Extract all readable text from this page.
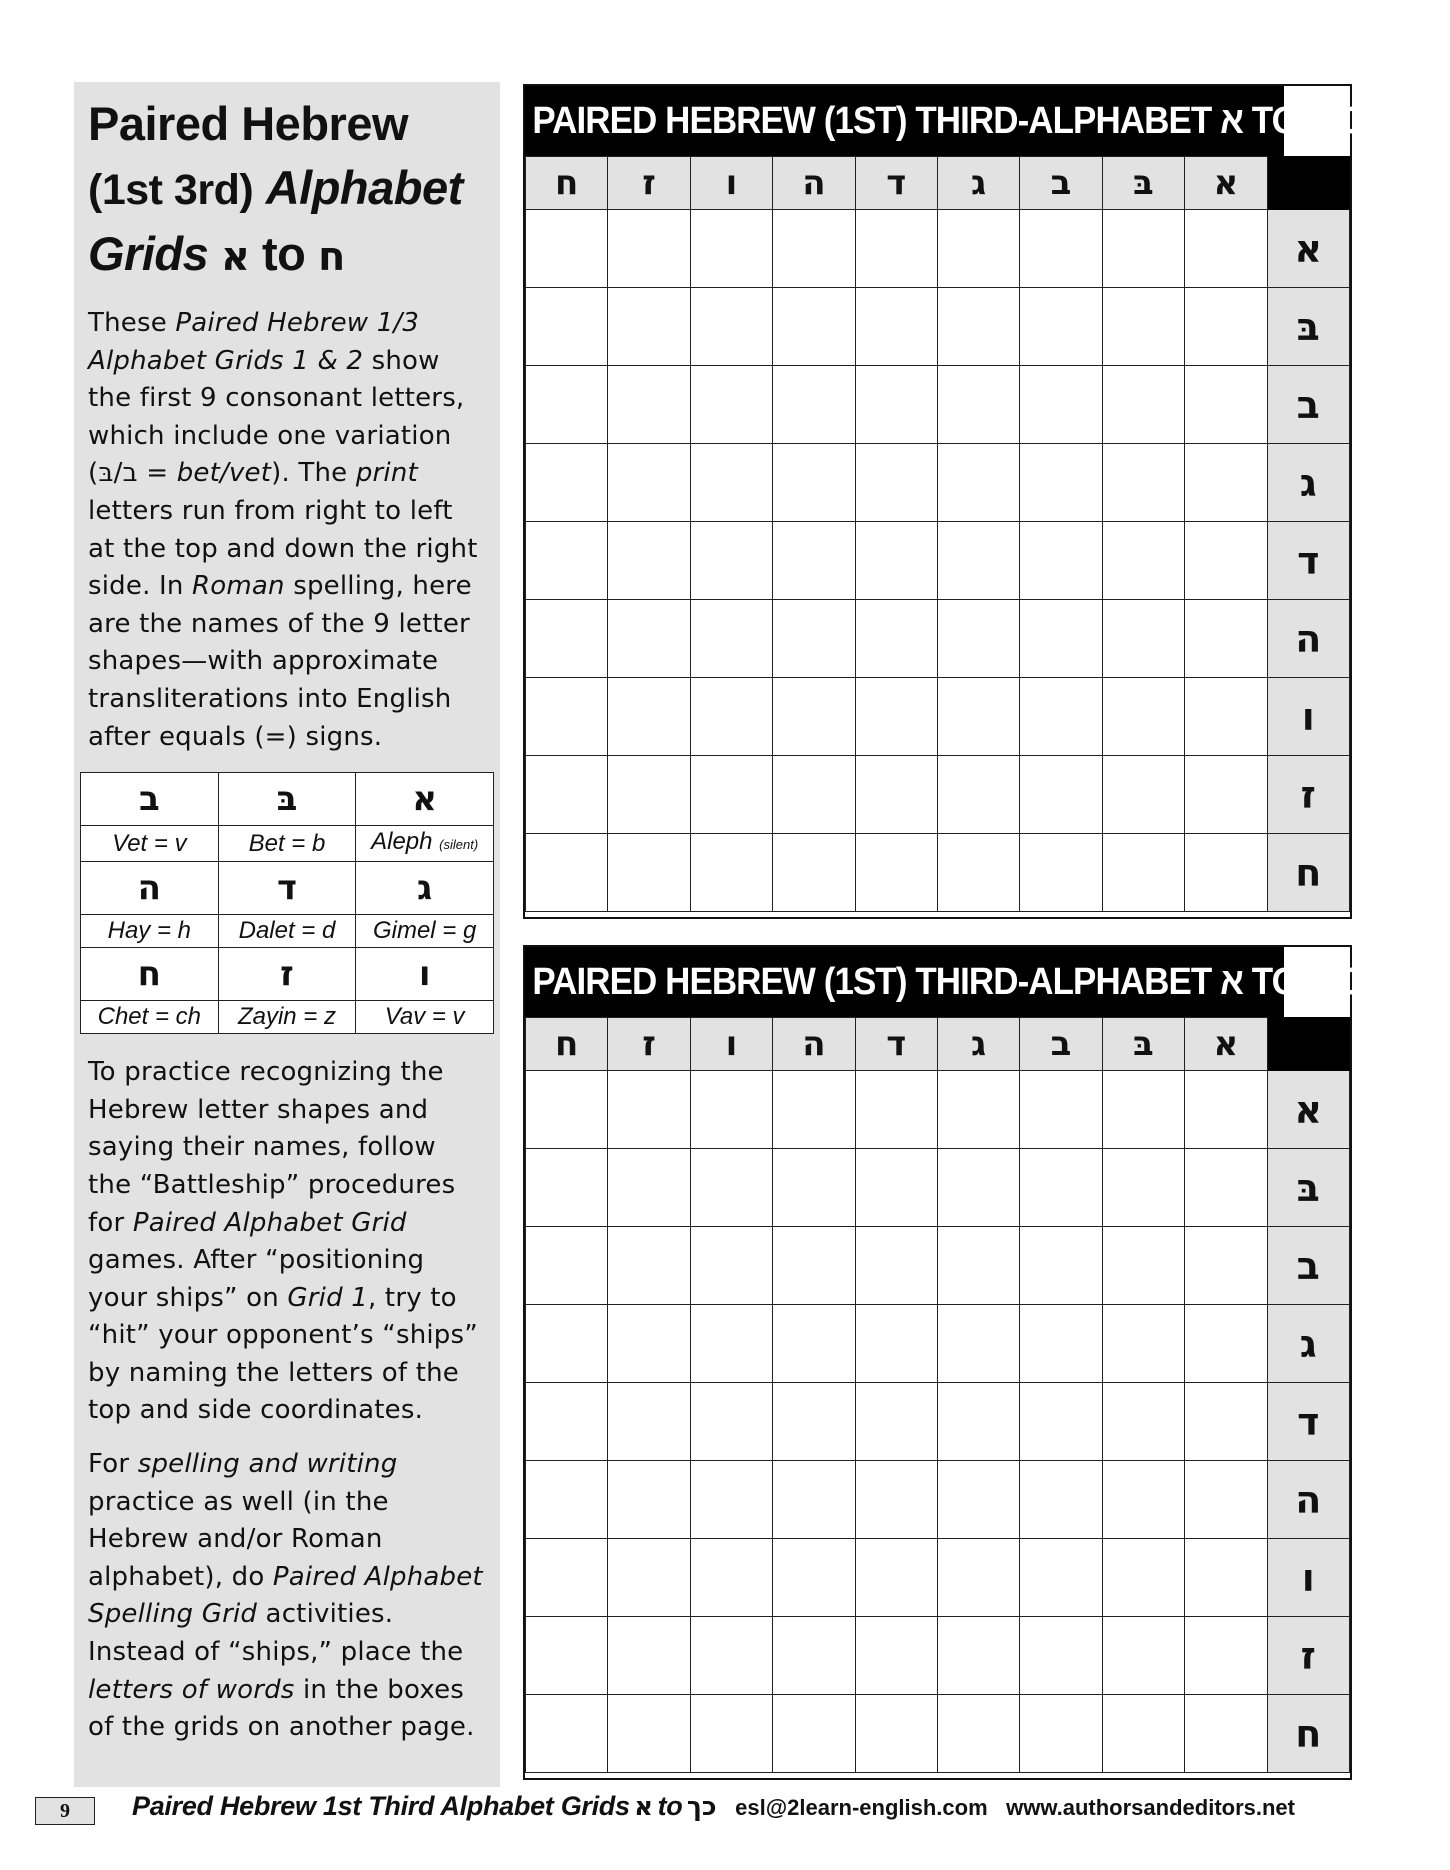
Paired Hebrew
(1st 3rd) Alphabet
Grids א to ח

These Paired Hebrew 1/3 Alphabet Grids 1 & 2 show the first 9 consonant letters, which include one variation (ב/בּ = bet/vet). The print letters run from right to left at the top and down the right side. In Roman spelling, here are the names of the 9 letter shapes—with approximate transliterations into English after equals (=) signs.

ב	בּ	א
Vet = v	Bet = b	Aleph (silent)
ה	ד	ג
Hay = h	Dalet = d	Gimel = g
ח	ז	ו
Chet = ch	Zayin = z	Vav = v

To practice recognizing the Hebrew letter shapes and saying their names, follow the “Battleship” procedures for Paired Alphabet Grid games. After “positioning your ships” on Grid 1, try to “hit” your opponent’s “ships” by naming the letters of the top and side coordinates.

For spelling and writing practice as well (in the Hebrew and/or Roman alphabet), do Paired Alphabet Spelling Grid activities. Instead of “ships,” place the letters of words in the boxes of the grids on another page.

PAIRED HEBREW (1ST) THIRD-ALPHABET א TO ח GRID 1
ח	ז	ו	ה	ד	ג	ב	בּ	א	
									א
									בּ
									ב
									ג
									ד
									ה
									ו
									ז
									ח
PAIRED HEBREW (1ST) THIRD-ALPHABET א TO ח GRID 2
ח	ז	ו	ה	ד	ג	ב	בּ	א	
									א
									בּ
									ב
									ג
									ד
									ה
									ו
									ז
									ח
9	Paired Hebrew 1st Third Alphabet Grids א to כך esl@2learn-english.com www.authorsandeditors.net
